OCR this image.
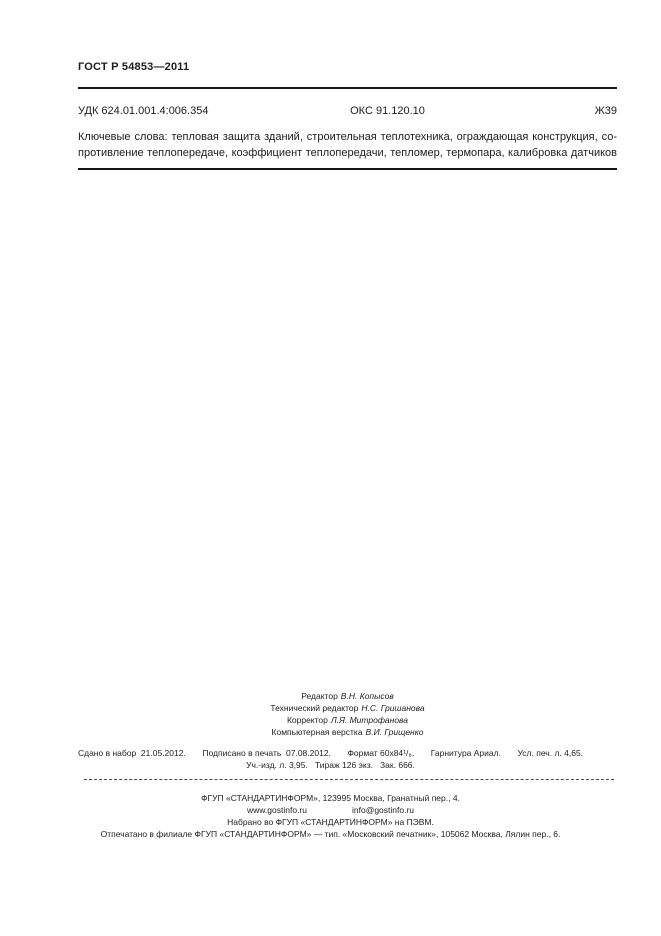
ГОСТ Р 54853—2011
УДК 624.01.001.4:006.354	ОКС 91.120.10	Ж39
Ключевые слова: тепловая защита зданий, строительная теплотехника, ограждающая конструкция, со-
противление теплопередаче, коэффициент теплопередачи, тепломер, термопара, калибровка датчиков
Редактор В.Н. Копысов
Технический редактор Н.С. Гришанова
Корректор Л.Я. Митрофанова
Компьютерная верстка В.И. Грищенко
Сдано в набор  21.05.2012.       Подписано в печать  07.08.2012.       Формат 60х84¹/₈.       Гарнитура Ариал.       Усл. печ. л. 4,65.
Уч.-изд. л. 3,95.   Тираж 126 экз.   Зак. 666.
ФГУП «СТАНДАРТИНФОРМ», 123995 Москва, Гранатный пер., 4.
www.gostinfo.ru	info@gostinfo.ru
Набрано во ФГУП «СТАНДАРТИНФОРМ» на ПЭВМ.
Отпечатано в филиале ФГУП «СТАНДАРТИНФОРМ» — тип. «Московский печатник», 105062 Москва, Лялин пер., 6.
